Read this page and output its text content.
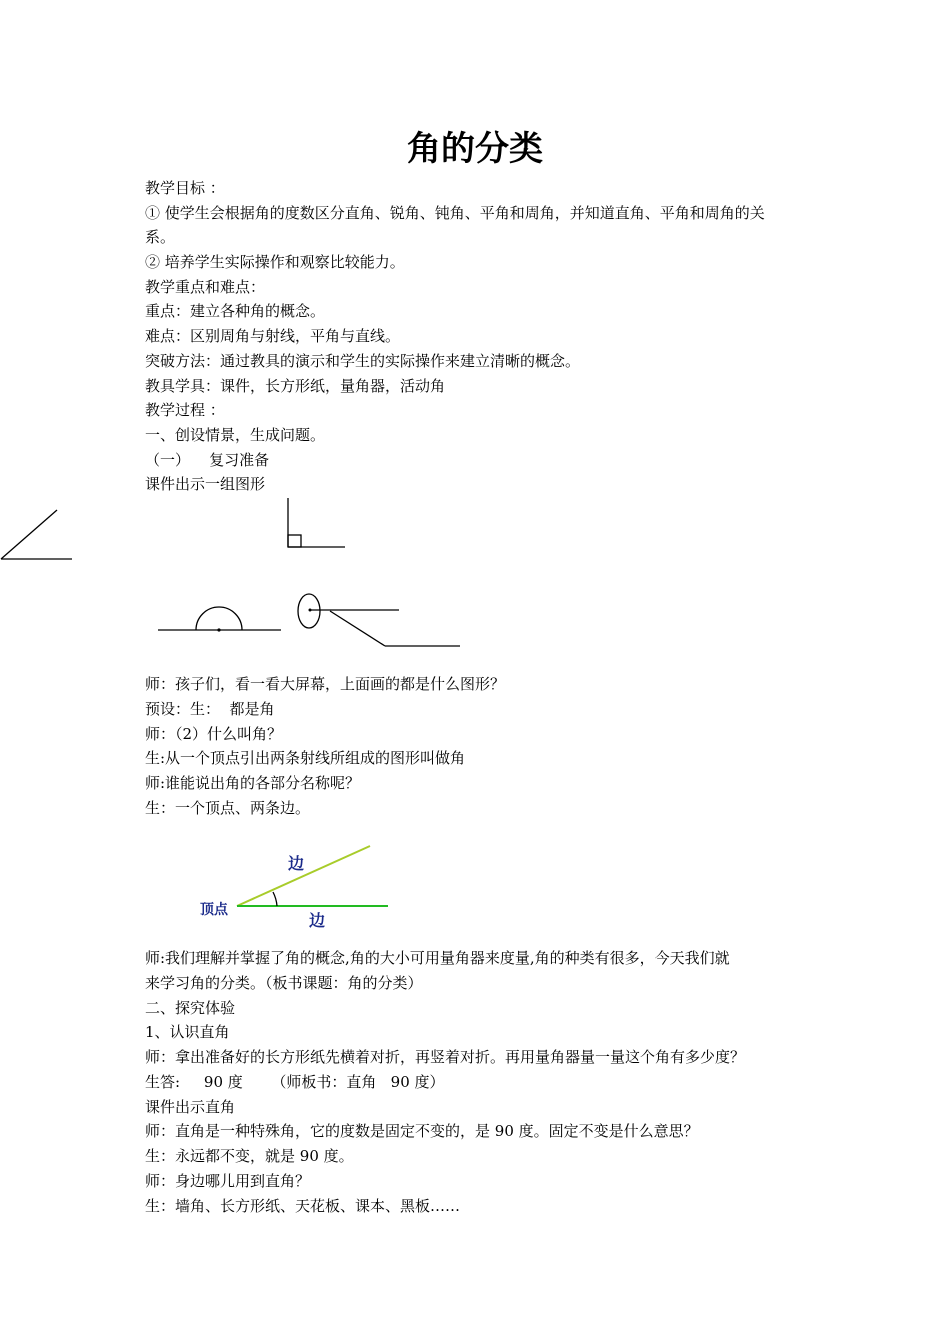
角的分类
教学目标 ：
① 使学生会根据角的度数区分直角、锐角、钝角、平角和周角，并知道直角、平角和周角的关
系。
② 培养学生实际操作和观察比较能力。
教学重点和难点：
重点：建立各种角的概念。
难点：区别周角与射线，平角与直线。
突破方法：通过教具的演示和学生的实际操作来建立清晰的概念。
教具学具：课件，长方形纸，量角器，活动角
教学过程 ：
一、创设情景，生成问题。
（一）    复习准备
课件出示一组图形
师：孩子们，看一看大屏幕，上面画的都是什么图形？
预设：生：  都是角
师：（2）什么叫角？
生:从一个顶点引出两条射线所组成的图形叫做角
师:谁能说出角的各部分名称呢？
生：一个顶点、两条边。
边
边
顶点
师:我们理解并掌握了角的概念,角的大小可用量角器来度量,角的种类有很多，今天我们就
来学习角的分类。（板书课题：角的分类）
二、探究体验
1、认识直角
师：拿出准备好的长方形纸先横着对折，再竖着对折。再用量角器量一量这个角有多少度？
生答:     90 度      （师板书：直角   90 度）
课件出示直角
师：直角是一种特殊角，它的度数是固定不变的，是 90 度。固定不变是什么意思？
生：永远都不变，就是 90 度。
师：身边哪儿用到直角？
生：墙角、长方形纸、天花板、课本、黑板……
